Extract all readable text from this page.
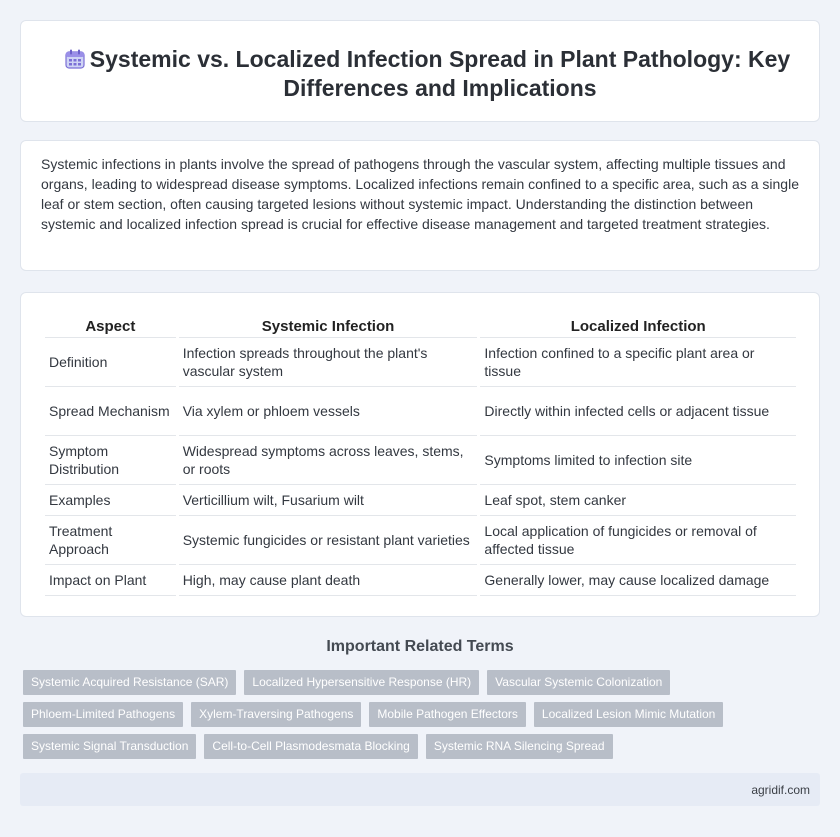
Systemic vs. Localized Infection Spread in Plant Pathology: Key Differences and Implications

Systemic infections in plants involve the spread of pathogens through the vascular system, affecting multiple tissues and organs, leading to widespread disease symptoms. Localized infections remain confined to a specific area, such as a single leaf or stem section, often causing targeted lesions without systemic impact. Understanding the distinction between systemic and localized infection spread is crucial for effective disease management and targeted treatment strategies.

Aspect	Systemic Infection	Localized Infection
Definition	Infection spreads throughout the plant's vascular system	Infection confined to a specific plant area or tissue
Spread Mechanism	Via xylem or phloem vessels	Directly within infected cells or adjacent tissue
Symptom Distribution	Widespread symptoms across leaves, stems, or roots	Symptoms limited to infection site
Examples	Verticillium wilt, Fusarium wilt	Leaf spot, stem canker
Treatment Approach	Systemic fungicides or resistant plant varieties	Local application of fungicides or removal of affected tissue
Impact on Plant	High, may cause plant death	Generally lower, may cause localized damage
Important Related Terms
Systemic Acquired Resistance (SAR)	Localized Hypersensitive Response (HR)	Vascular Systemic Colonization
Phloem-Limited Pathogens	Xylem-Traversing Pathogens	Mobile Pathogen Effectors	Localized Lesion Mimic Mutation
Systemic Signal Transduction	Cell-to-Cell Plasmodesmata Blocking	Systemic RNA Silencing Spread
agridif.com
